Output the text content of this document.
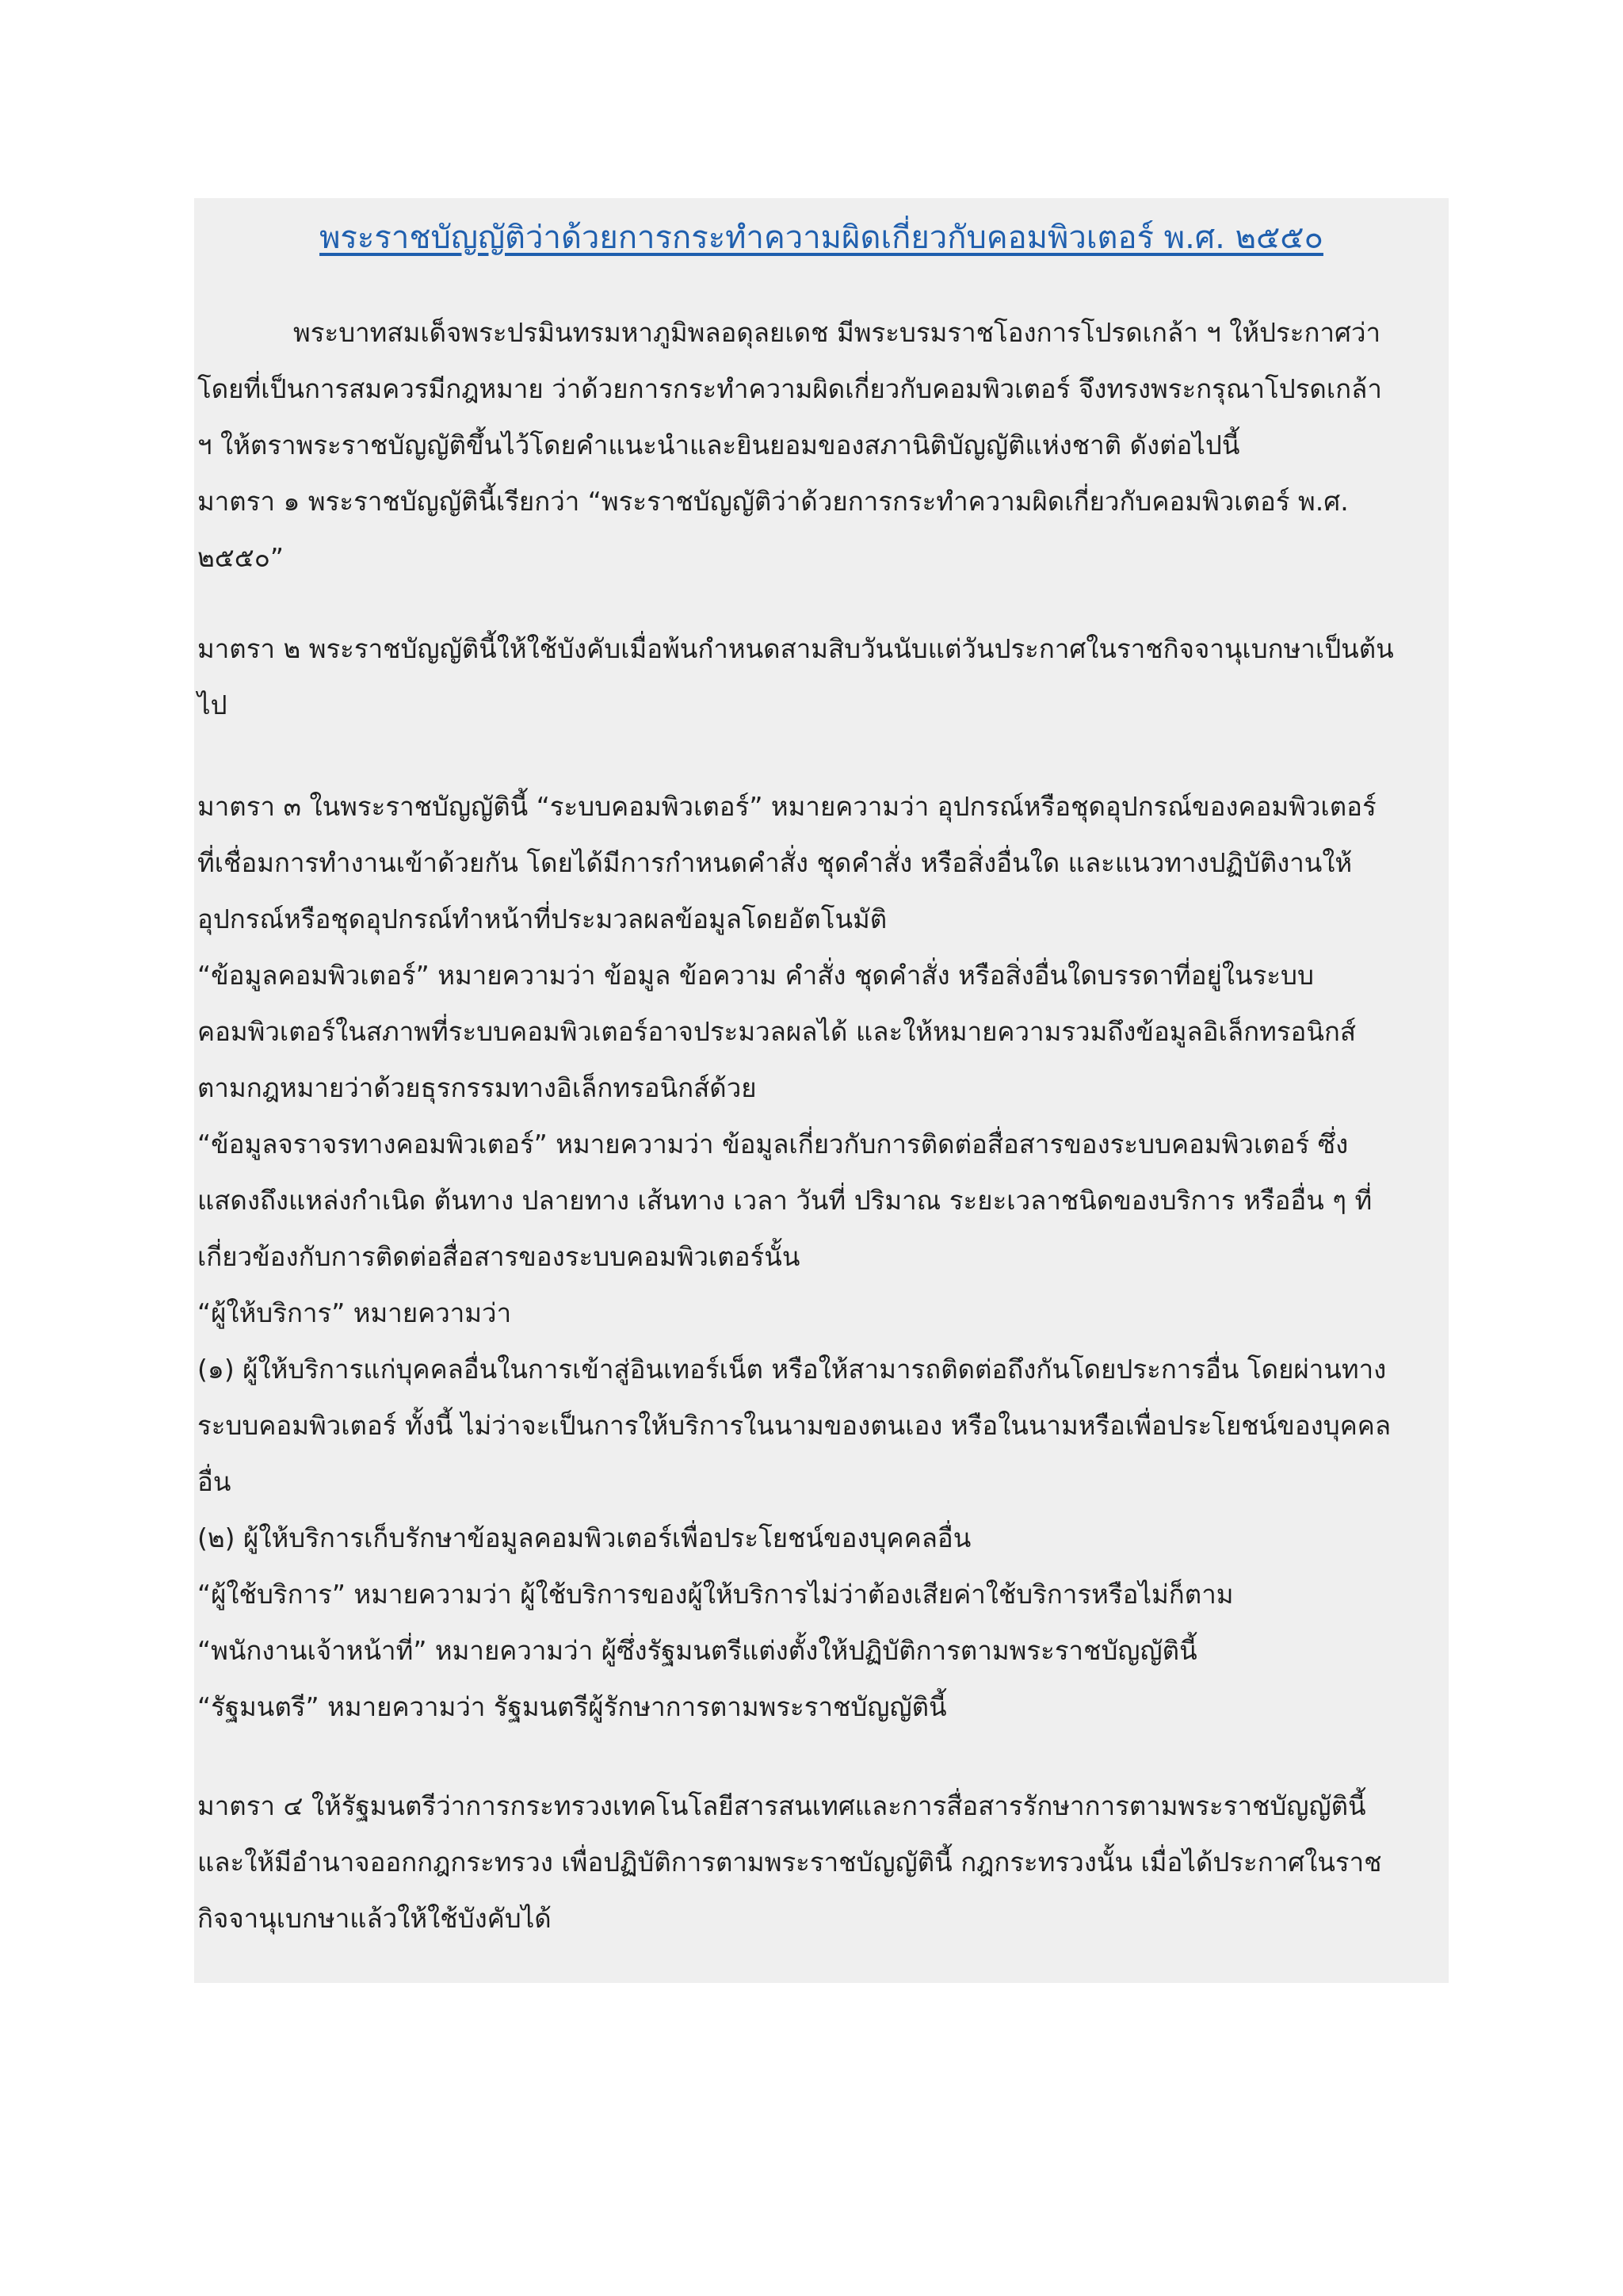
พระราชบัญญัติว่าด้วยการกระทำความผิดเกี่ยวกับคอมพิวเตอร์ พ.ศ. ๒๕๕๐
พระบาทสมเด็จพระปรมินทรมหาภูมิพลอดุลยเดช มีพระบรมราชโองการโปรดเกล้า ฯ ให้ประกาศว่า
โดยที่เป็นการสมควรมีกฎหมาย ว่าด้วยการกระทำความผิดเกี่ยวกับคอมพิวเตอร์ จึงทรงพระกรุณาโปรดเกล้า
ฯ ให้ตราพระราชบัญญัติขึ้นไว้โดยคำแนะนำและยินยอมของสภานิติบัญญัติแห่งชาติ ดังต่อไปนี้
มาตรา ๑ พระราชบัญญัตินี้เรียกว่า “พระราชบัญญัติว่าด้วยการกระทำความผิดเกี่ยวกับคอมพิวเตอร์ พ.ศ.
๒๕๕๐”
มาตรา ๒ พระราชบัญญัตินี้ให้ใช้บังคับเมื่อพ้นกำหนดสามสิบวันนับแต่วันประกาศในราชกิจจานุเบกษาเป็นต้น
ไป
มาตรา ๓ ในพระราชบัญญัตินี้ “ระบบคอมพิวเตอร์” หมายความว่า อุปกรณ์หรือชุดอุปกรณ์ของคอมพิวเตอร์
ที่เชื่อมการทำงานเข้าด้วยกัน โดยได้มีการกำหนดคำสั่ง ชุดคำสั่ง หรือสิ่งอื่นใด และแนวทางปฏิบัติงานให้
อุปกรณ์หรือชุดอุปกรณ์ทำหน้าที่ประมวลผลข้อมูลโดยอัตโนมัติ
“ข้อมูลคอมพิวเตอร์” หมายความว่า ข้อมูล ข้อความ คำสั่ง ชุดคำสั่ง หรือสิ่งอื่นใดบรรดาที่อยู่ในระบบ
คอมพิวเตอร์ในสภาพที่ระบบคอมพิวเตอร์อาจประมวลผลได้ และให้หมายความรวมถึงข้อมูลอิเล็กทรอนิกส์
ตามกฎหมายว่าด้วยธุรกรรมทางอิเล็กทรอนิกส์ด้วย
“ข้อมูลจราจรทางคอมพิวเตอร์” หมายความว่า ข้อมูลเกี่ยวกับการติดต่อสื่อสารของระบบคอมพิวเตอร์ ซึ่ง
แสดงถึงแหล่งกำเนิด ต้นทาง ปลายทาง เส้นทาง เวลา วันที่ ปริมาณ ระยะเวลาชนิดของบริการ หรืออื่น ๆ ที่
เกี่ยวข้องกับการติดต่อสื่อสารของระบบคอมพิวเตอร์นั้น
“ผู้ให้บริการ” หมายความว่า
(๑) ผู้ให้บริการแก่บุคคลอื่นในการเข้าสู่อินเทอร์เน็ต หรือให้สามารถติดต่อถึงกันโดยประการอื่น โดยผ่านทาง
ระบบคอมพิวเตอร์ ทั้งนี้ ไม่ว่าจะเป็นการให้บริการในนามของตนเอง หรือในนามหรือเพื่อประโยชน์ของบุคคล
อื่น
(๒) ผู้ให้บริการเก็บรักษาข้อมูลคอมพิวเตอร์เพื่อประโยชน์ของบุคคลอื่น
“ผู้ใช้บริการ” หมายความว่า ผู้ใช้บริการของผู้ให้บริการไม่ว่าต้องเสียค่าใช้บริการหรือไม่ก็ตาม
“พนักงานเจ้าหน้าที่” หมายความว่า ผู้ซึ่งรัฐมนตรีแต่งตั้งให้ปฏิบัติการตามพระราชบัญญัตินี้
“รัฐมนตรี” หมายความว่า รัฐมนตรีผู้รักษาการตามพระราชบัญญัตินี้
มาตรา ๔ ให้รัฐมนตรีว่าการกระทรวงเทคโนโลยีสารสนเทศและการสื่อสารรักษาการตามพระราชบัญญัตินี้
และให้มีอำนาจออกกฎกระทรวง เพื่อปฏิบัติการตามพระราชบัญญัตินี้ กฎกระทรวงนั้น เมื่อได้ประกาศในราช
กิจจานุเบกษาแล้วให้ใช้บังคับได้
